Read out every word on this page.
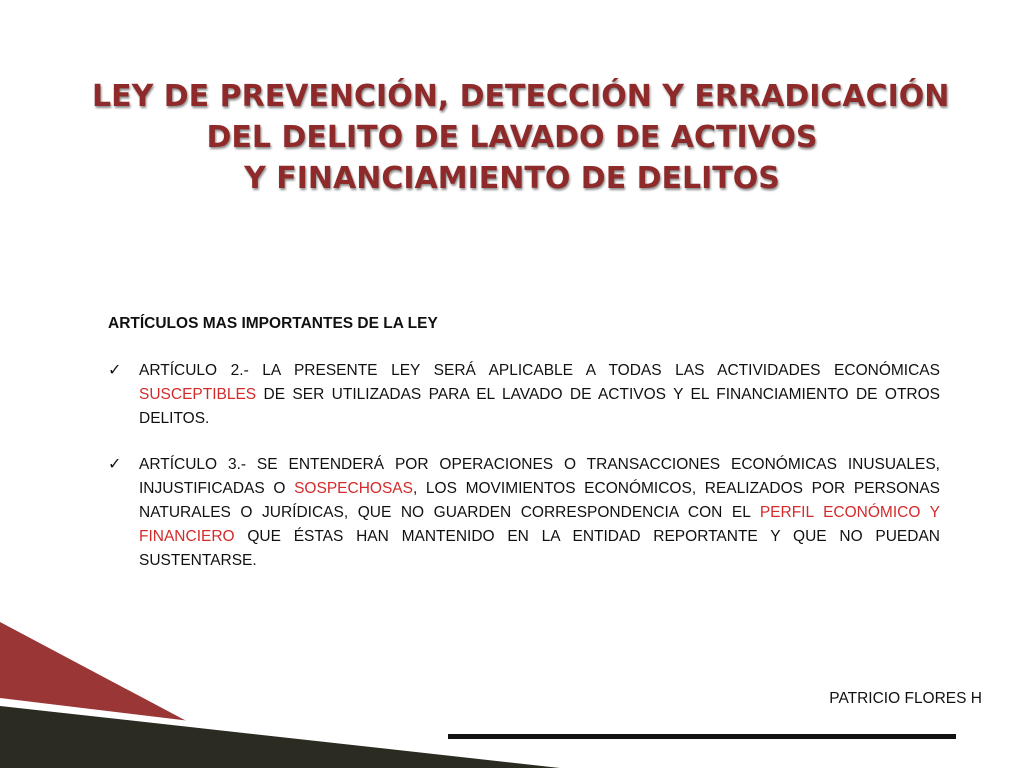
LEY DE PREVENCIÓN, DETECCIÓN Y ERRADICACIÓN
DEL DELITO DE LAVADO DE ACTIVOS
Y FINANCIAMIENTO DE DELITOS

ARTÍCULOS MAS IMPORTANTES DE LA LEY

✓ ARTÍCULO 2.- LA PRESENTE LEY SERÁ APLICABLE A TODAS LAS ACTIVIDADES ECONÓMICAS SUSCEPTIBLES DE SER UTILIZADAS PARA EL LAVADO DE ACTIVOS Y EL FINANCIAMIENTO DE OTROS DELITOS.

✓ ARTÍCULO 3.- SE ENTENDERÁ POR OPERACIONES O TRANSACCIONES ECONÓMICAS INUSUALES, INJUSTIFICADAS O SOSPECHOSAS, LOS MOVIMIENTOS ECONÓMICOS, REALIZADOS POR PERSONAS NATURALES O JURÍDICAS, QUE NO GUARDEN CORRESPONDENCIA CON EL PERFIL ECONÓMICO Y FINANCIERO QUE ÉSTAS HAN MANTENIDO EN LA ENTIDAD REPORTANTE Y QUE NO PUEDAN SUSTENTARSE.

PATRICIO FLORES H
